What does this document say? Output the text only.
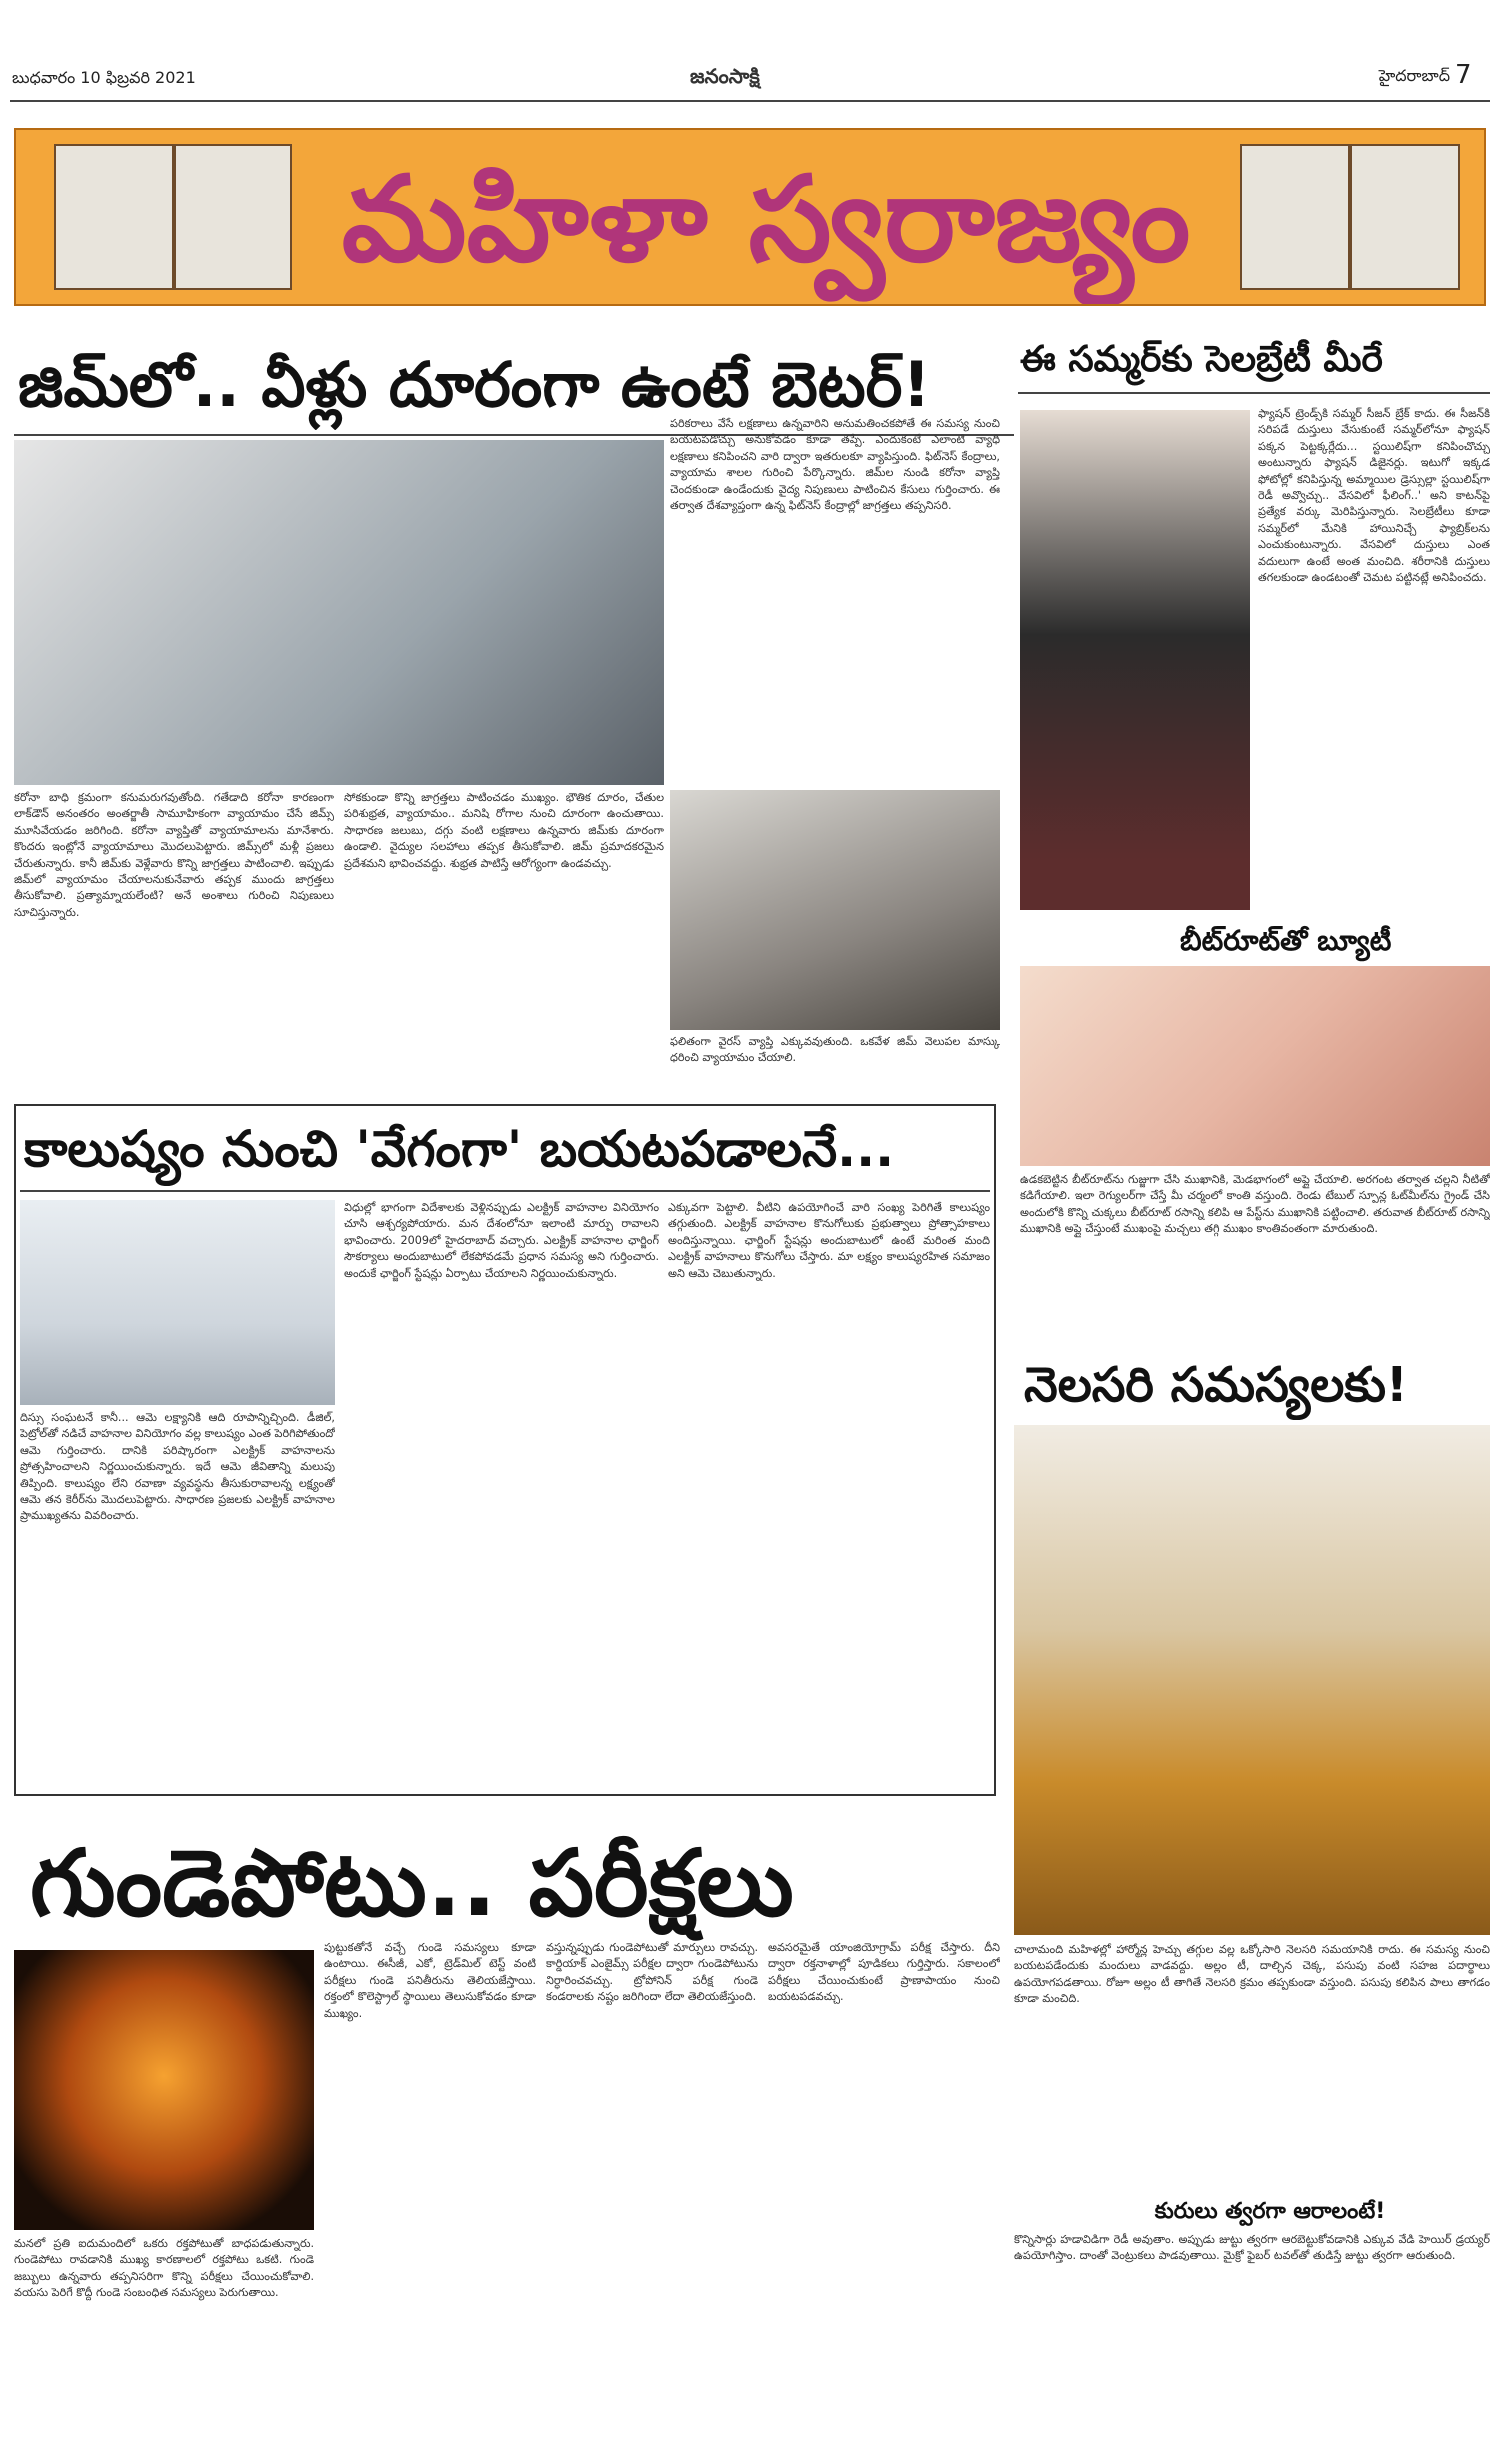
బుధవారం 10 ఫిబ్రవరి 2021	జనంసాక్షి	హైదరాబాద్ 7
మహిళా స్వరాజ్యం
జిమ్‌లో.. వీళ్లు దూరంగా ఉంటే బెటర్‌!
పరికరాలు వేసే లక్షణాలు ఉన్నవారిని అనుమతించకపోతే ఈ సమస్య నుంచి బయటపడొచ్చు అనుకోవడం కూడా తప్పే. ఎందుకంటే ఎలాంటి వ్యాధి లక్షణాలు కనిపించని వారి ద్వారా ఇతరులకూ వ్యాపిస్తుంది. ఫిట్‌నెస్ కేంద్రాలు, వ్యాయామ శాలల గురించి పేర్కొన్నారు. జిమ్‌ల నుండి కరోనా వ్యాప్తి చెందకుండా ఉండేందుకు వైద్య నిపుణులు పాటించిన కేసులు గుర్తించారు. ఈ తర్వాత దేశవ్యాప్తంగా ఉన్న ఫిట్‌నెస్ కేంద్రాల్లో జాగ్రత్తలు తప్పనిసరి.
కరోనా బాధి క్రమంగా కనుమరుగవుతోంది. గతేడాది కరోనా కారణంగా లాక్‌డౌన్ అనంతరం అంతర్జాతీ సామూహికంగా వ్యాయామం చేసే జిమ్స్ మూసివేయడం జరిగింది. కరోనా వ్యాప్తితో వ్యాయామాలను మానేశారు. కొందరు ఇంట్లోనే వ్యాయామాలు మొదలుపెట్టారు. జిమ్స్‌లో మళ్లీ ప్రజలు చేరుతున్నారు. కానీ జిమ్‌కు వెళ్లేవారు కొన్ని జాగ్రత్తలు పాటించాలి. ఇప్పుడు జిమ్‌లో వ్యాయామం చేయాలనుకునేవారు తప్పక ముందు జాగ్రత్తలు తీసుకోవాలి. ప్రత్యామ్నాయలేంటి? అనే అంశాలు గురించి నిపుణులు సూచిస్తున్నారు.
సోకకుండా కొన్ని జాగ్రత్తలు పాటించడం ముఖ్యం. భౌతిక దూరం, చేతుల పరిశుభ్రత, వ్యాయామం.. మనిషి రోగాల నుంచి దూరంగా ఉంచుతాయి. సాధారణ జలుబు, దగ్గు వంటి లక్షణాలు ఉన్నవారు జిమ్‌కు దూరంగా ఉండాలి. వైద్యుల సలహాలు తప్పక తీసుకోవాలి. జిమ్ ప్రమాదకరమైన ప్రదేశమని భావించవద్దు. శుభ్రత పాటిస్తే ఆరోగ్యంగా ఉండవచ్చు.
ఫలితంగా వైరస్ వ్యాప్తి ఎక్కువవుతుంది. ఒకవేళ జిమ్ వెలుపల మాస్కు ధరించి వ్యాయామం చేయాలి.
ఈ సమ్మర్‌కు సెలబ్రేటీ మీరే
ఫ్యాషన్ ట్రెండ్స్‌కి సమ్మర్ సీజన్ బ్రేక్ కాదు. ఈ సీజన్‌కి సరిపడే దుస్తులు వేసుకుంటే సమ్మర్‌లోనూ ఫ్యాషన్ పక్కన పెట్టక్కర్లేదు... స్టయిలిష్‌గా కనిపించొచ్చు అంటున్నారు ఫ్యాషన్ డిజైనర్లు. ఇటుగో ఇక్కడ ఫోటోల్లో కనిపిస్తున్న అమ్మాయిల డ్రెస్సుల్లా స్టయిలిష్‌గా రెడీ అవ్వొచ్చు.. వేసవిలో ఫీలింగ్..' అని కాటన్‌పై ప్రత్యేక వర్కు మెరిపిస్తున్నారు. సెలబ్రేటీలు కూడా సమ్మర్‌లో మేనికి హాయినిచ్చే ఫ్యాబ్రిక్‌లను ఎంచుకుంటున్నారు. వేసవిలో దుస్తులు ఎంత వదులుగా ఉంటే అంత మంచిది. శరీరానికి దుస్తులు తగలకుండా ఉండటంతో చెమట పట్టినట్లే అనిపించదు.
బీట్‌రూట్‌తో బ్యూటీ
ఉడకబెట్టిన బీట్‌రూట్‌ను గుజ్జుగా చేసి ముఖానికి, మెడభాగంలో అప్లై చేయాలి. అరగంట తర్వాత చల్లని నీటితో కడిగేయాలి. ఇలా రెగ్యులర్‌గా చేస్తే మీ చర్మంలో కాంతి వస్తుంది. రెండు టేబుల్ స్పూన్ల ఓట్‌మీల్‌ను గ్రైండ్ చేసి అందులోకి కొన్ని చుక్కలు బీట్‌రూట్ రసాన్ని కలిపి ఆ పేస్ట్‌ను ముఖానికి పట్టించాలి. తరువాత బీట్‌రూట్ రసాన్ని ముఖానికి అప్లై చేస్తుంటే ముఖంపై మచ్చలు తగ్గి ముఖం కాంతివంతంగా మారుతుంది.
కాలుష్యం నుంచి 'వేగంగా' బయటపడాలనే...
దిస్సు సంఘటనే కానీ... ఆమె లక్ష్యానికి ఆది రూపాన్నిచ్చింది. డీజిల్, పెట్రోల్‌తో నడిచే వాహనాల వినియోగం వల్ల కాలుష్యం ఎంత పెరిగిపోతుందో ఆమె గుర్తించారు. దానికి పరిష్కారంగా ఎలక్ట్రిక్ వాహనాలను ప్రోత్సహించాలని నిర్ణయించుకున్నారు. ఇదే ఆమె జీవితాన్ని మలుపు తిప్పింది. కాలుష్యం లేని రవాణా వ్యవస్థను తీసుకురావాలన్న లక్ష్యంతో ఆమె తన కెరీర్‌ను మొదలుపెట్టారు. సాధారణ ప్రజలకు ఎలక్ట్రిక్ వాహనాల ప్రాముఖ్యతను వివరించారు.
విధుల్లో భాగంగా విదేశాలకు వెళ్లినప్పుడు ఎలక్ట్రిక్ వాహనాల వినియోగం చూసి ఆశ్చర్యపోయారు. మన దేశంలోనూ ఇలాంటి మార్పు రావాలని భావించారు. 2009లో హైదరాబాద్ వచ్చారు. ఎలక్ట్రిక్ వాహనాల ఛార్జింగ్ సౌకర్యాలు అందుబాటులో లేకపోవడమే ప్రధాన సమస్య అని గుర్తించారు. అందుకే ఛార్జింగ్ స్టేషన్లు ఏర్పాటు చేయాలని నిర్ణయించుకున్నారు.
ఎక్కువగా పెట్టాలి. వీటిని ఉపయోగించే వారి సంఖ్య పెరిగితే కాలుష్యం తగ్గుతుంది. ఎలక్ట్రిక్ వాహనాల కొనుగోలుకు ప్రభుత్వాలు ప్రోత్సాహకాలు అందిస్తున్నాయి. ఛార్జింగ్ స్టేషన్లు అందుబాటులో ఉంటే మరింత మంది ఎలక్ట్రిక్ వాహనాలు కొనుగోలు చేస్తారు. మా లక్ష్యం కాలుష్యరహిత సమాజం అని ఆమె చెబుతున్నారు.
నెలసరి సమస్యలకు!
చాలామంది మహిళల్లో హార్మోన్ల హెచ్చు తగ్గుల వల్ల ఒక్కోసారి నెలసరి సమయానికి రాదు. ఈ సమస్య నుంచి బయటపడేందుకు మందులు వాడవద్దు. అల్లం టీ, దాల్చిన చెక్క, పసుపు వంటి సహజ పదార్థాలు ఉపయోగపడతాయి. రోజూ అల్లం టీ తాగితే నెలసరి క్రమం తప్పకుండా వస్తుంది. పసుపు కలిపిన పాలు తాగడం కూడా మంచిది.
కురులు త్వరగా ఆరాలంటే!
కొన్నిసార్లు హడావిడిగా రెడీ అవుతాం. అప్పుడు జుట్టు త్వరగా ఆరబెట్టుకోవడానికి ఎక్కువ వేడి హెయిర్ డ్రయ్యర్ ఉపయోగిస్తాం. దాంతో వెంట్రుకలు పాడవుతాయి. మైక్రో ఫైబర్ టవల్‌తో తుడిస్తే జుట్టు త్వరగా ఆరుతుంది.
గుండెపోటు.. పరీక్షలు
మనలో ప్రతి ఐదుమందిలో ఒకరు రక్తపోటుతో బాధపడుతున్నారు. గుండెపోటు రావడానికి ముఖ్య కారణాలలో రక్తపోటు ఒకటి. గుండె జబ్బులు ఉన్నవారు తప్పనిసరిగా కొన్ని పరీక్షలు చేయించుకోవాలి. వయసు పెరిగే కొద్దీ గుండె సంబంధిత సమస్యలు పెరుగుతాయి.
పుట్టుకతోనే వచ్చే గుండె సమస్యలు కూడా ఉంటాయి. ఈసీజీ, ఎకో, ట్రెడ్‌మిల్ టెస్ట్ వంటి పరీక్షలు గుండె పనితీరును తెలియజేస్తాయి. రక్తంలో కొలెస్ట్రాల్ స్థాయిలు తెలుసుకోవడం కూడా ముఖ్యం.
వస్తున్నప్పుడు గుండెపోటుతో మార్పులు రావచ్చు. కార్డియాక్ ఎంజైమ్స్ పరీక్షల ద్వారా గుండెపోటును నిర్ధారించవచ్చు. ట్రోపోనిన్ పరీక్ష గుండె కండరాలకు నష్టం జరిగిందా లేదా తెలియజేస్తుంది.
అవసరమైతే యాంజియోగ్రామ్ పరీక్ష చేస్తారు. దీని ద్వారా రక్తనాళాల్లో పూడికలు గుర్తిస్తారు. సకాలంలో పరీక్షలు చేయించుకుంటే ప్రాణాపాయం నుంచి బయటపడవచ్చు.
